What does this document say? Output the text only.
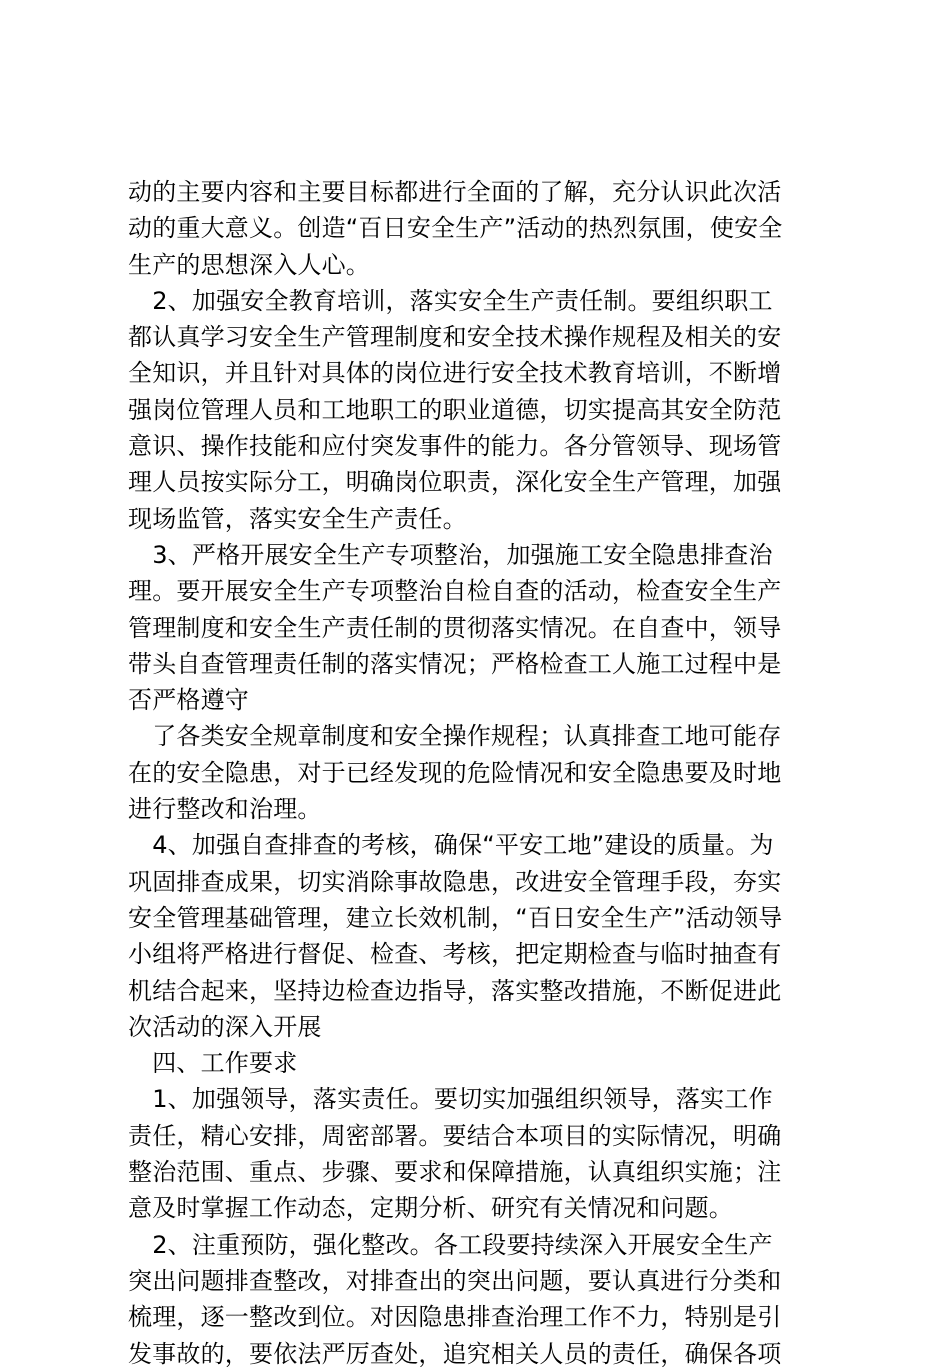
动的主要内容和主要目标都进行全面的了解，充分认识此次活
动的重大意义。创造“百日安全生产”活动的热烈氛围，使安全
生产的思想深入人心。
　2、加强安全教育培训，落实安全生产责任制。要组织职工
都认真学习安全生产管理制度和安全技术操作规程及相关的安
全知识，并且针对具体的岗位进行安全技术教育培训，不断增
强岗位管理人员和工地职工的职业道德，切实提高其安全防范
意识、操作技能和应付突发事件的能力。各分管领导、现场管
理人员按实际分工，明确岗位职责，深化安全生产管理，加强
现场监管，落实安全生产责任。
　3、严格开展安全生产专项整治，加强施工安全隐患排查治
理。要开展安全生产专项整治自检自查的活动，检查安全生产
管理制度和安全生产责任制的贯彻落实情况。在自查中，领导
带头自查管理责任制的落实情况；严格检查工人施工过程中是
否严格遵守
　了各类安全规章制度和安全操作规程；认真排查工地可能存
在的安全隐患，对于已经发现的危险情况和安全隐患要及时地
进行整改和治理。
　4、加强自查排查的考核，确保“平安工地”建设的质量。为
巩固排查成果，切实消除事故隐患，改进安全管理手段，夯实
安全管理基础管理，建立长效机制，“百日安全生产”活动领导
小组将严格进行督促、检查、考核，把定期检查与临时抽查有
机结合起来，坚持边检查边指导，落实整改措施，不断促进此
次活动的深入开展
　四、工作要求
　1、加强领导，落实责任。要切实加强组织领导，落实工作
责任，精心安排，周密部署。要结合本项目的实际情况，明确
整治范围、重点、步骤、要求和保障措施，认真组织实施；注
意及时掌握工作动态，定期分析、研究有关情况和问题。
　2、注重预防，强化整改。各工段要持续深入开展安全生产
突出问题排查整改，对排查出的突出问题，要认真进行分类和
梳理，逐一整改到位。对因隐患排查治理工作不力，特别是引
发事故的，要依法严厉查处，追究相关人员的责任，确保各项
